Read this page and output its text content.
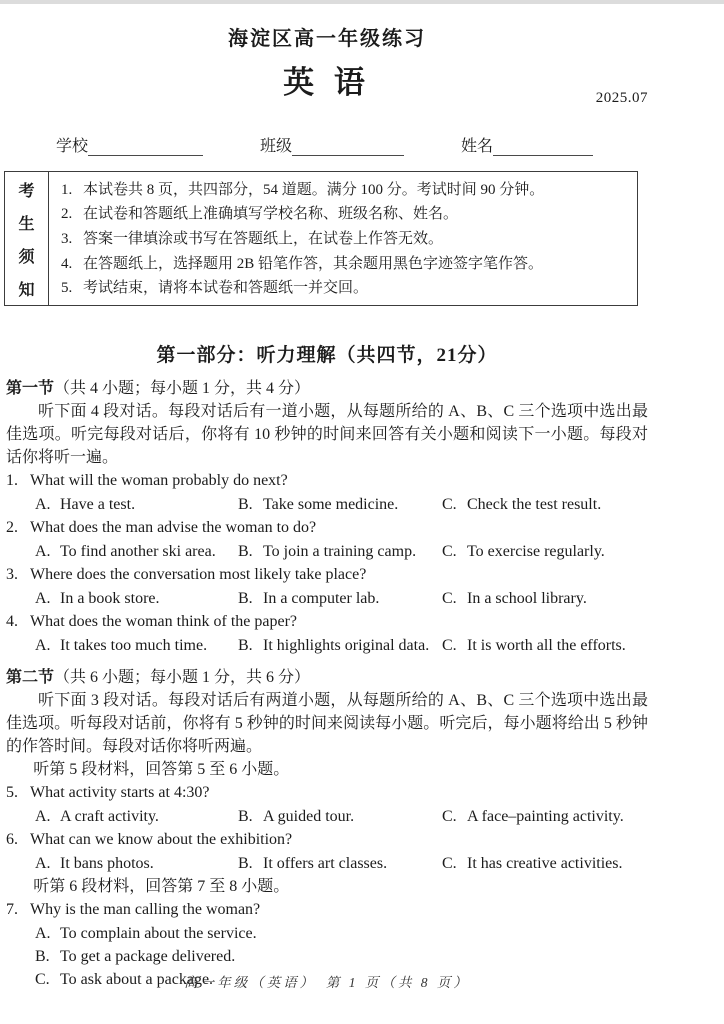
海淀区高一年级练习
英 语	2025.07
学校	班级	姓名
考
生
须
知
1. 本试卷共 8 页，共四部分，54 道题。满分 100 分。考试时间 90 分钟。
2. 在试卷和答题纸上准确填写学校名称、班级名称、姓名。
3. 答案一律填涂或书写在答题纸上，在试卷上作答无效。
4. 在答题纸上，选择题用 2B 铅笔作答，其余题用黑色字迹签字笔作答。
5. 考试结束，请将本试卷和答题纸一并交回。
第一部分：听力理解（共四节，21分）
第一节（共 4 小题；每小题 1 分，共 4 分）

听下面 4 段对话。每段对话后有一道小题，从每题所给的 A、B、C 三个选项中选出最佳选项。听完每段对话后，你将有 10 秒钟的时间来回答有关小题和阅读下一小题。每段对话你将听一遍。

1. What will the woman probably do next?
A. Have a test.	B. Take some medicine.	C. Check the test result.
2. What does the man advise the woman to do?
A. To find another ski area. B. To join a training camp. C. To exercise regularly.
3. Where does the conversation most likely take place?
A. In a book store.	B. In a computer lab.	C. In a school library.
4. What does the woman think of the paper?
A. It takes too much time. B. It highlights original data. C. It is worth all the efforts.
第二节（共 6 小题；每小题 1 分，共 6 分）

听下面 3 段对话。每段对话后有两道小题，从每题所给的 A、B、C 三个选项中选出最佳选项。听每段对话前，你将有 5 秒钟的时间来阅读每小题。听完后，每小题将给出 5 秒钟的作答时间。每段对话你将听两遍。

听第 5 段材料，回答第 5 至 6 小题。
5. What activity starts at 4:30?
A. A craft activity.	B. A guided tour.	C. A face–painting activity.
6. What can we know about the exhibition?
A. It bans photos.	B. It offers art classes.	C. It has creative activities.
听第 6 段材料，回答第 7 至 8 小题。
7. Why is the man calling the woman?
A. To complain about the service.
B. To get a package delivered.
C. To ask about a package.
高一年级（英语）　第 1 页（共 8 页）
